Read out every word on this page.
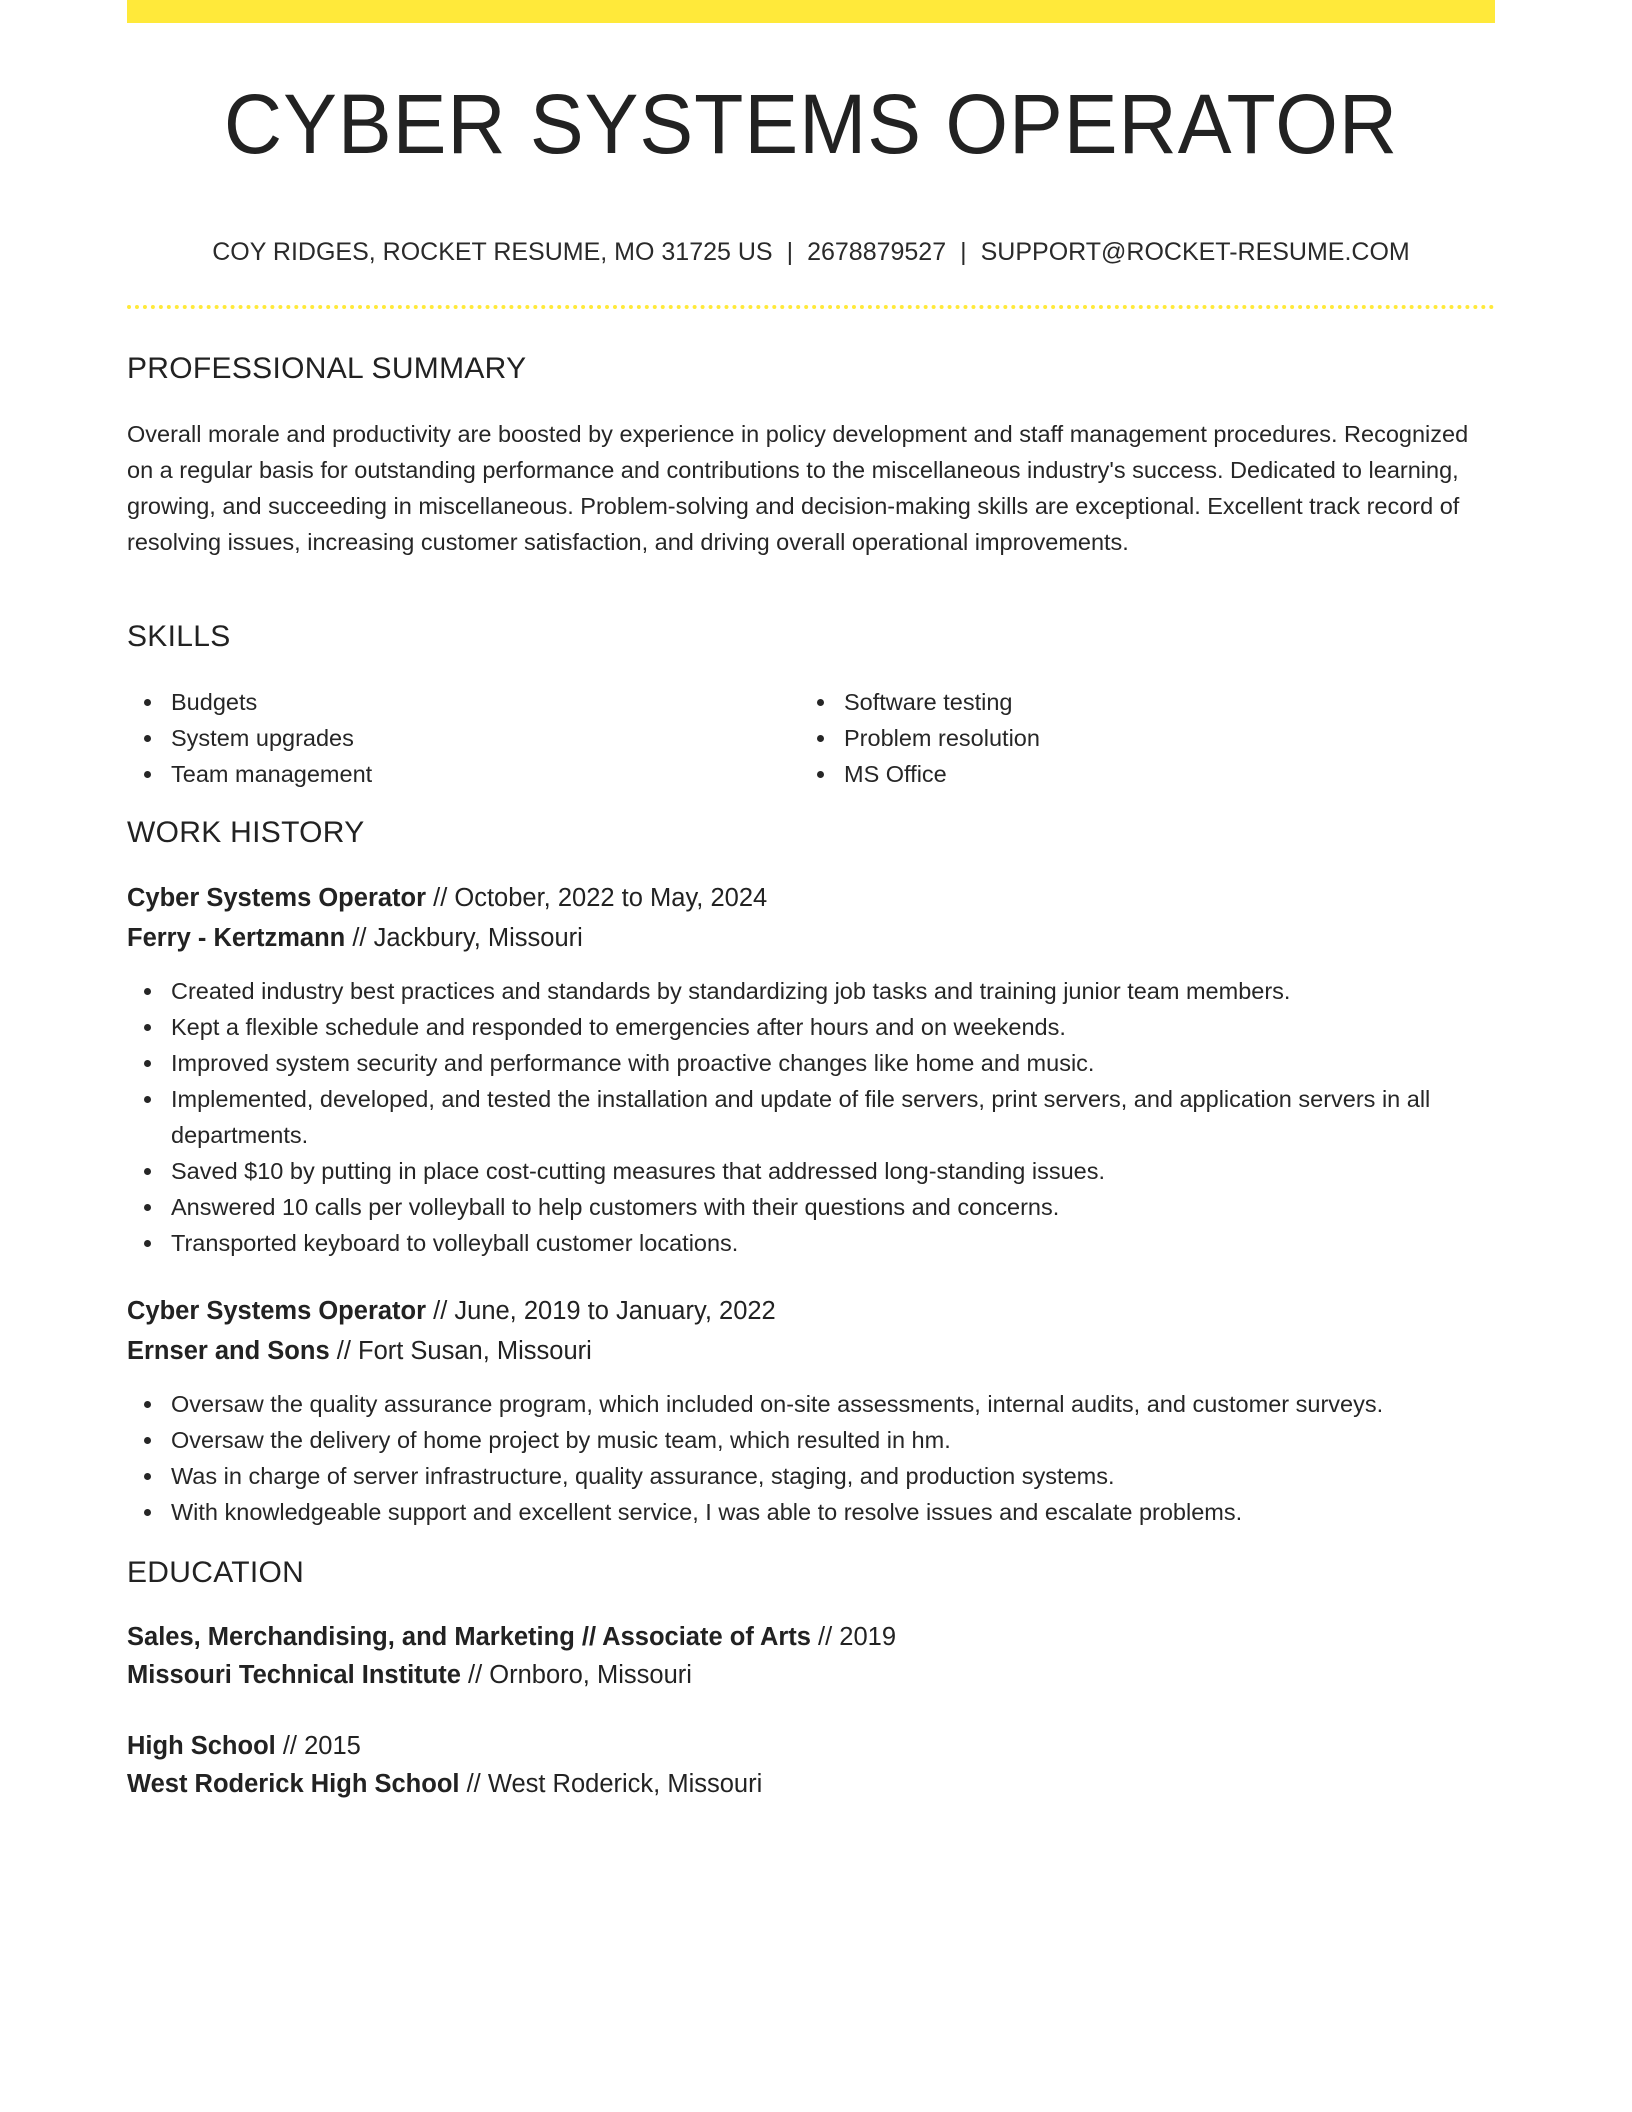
CYBER SYSTEMS OPERATOR
COY RIDGES, ROCKET RESUME, MO 31725 US | 2678879527 | SUPPORT@ROCKET-RESUME.COM
PROFESSIONAL SUMMARY
Overall morale and productivity are boosted by experience in policy development and staff management procedures. Recognized on a regular basis for outstanding performance and contributions to the miscellaneous industry's success. Dedicated to learning, growing, and succeeding in miscellaneous. Problem-solving and decision-making skills are exceptional. Excellent track record of resolving issues, increasing customer satisfaction, and driving overall operational improvements.
SKILLS
Budgets
System upgrades
Team management
Software testing
Problem resolution
MS Office
WORK HISTORY
Cyber Systems Operator // October, 2022 to May, 2024
Ferry - Kertzmann // Jackbury, Missouri
Created industry best practices and standards by standardizing job tasks and training junior team members.
Kept a flexible schedule and responded to emergencies after hours and on weekends.
Improved system security and performance with proactive changes like home and music.
Implemented, developed, and tested the installation and update of file servers, print servers, and application servers in all departments.
Saved $10 by putting in place cost-cutting measures that addressed long-standing issues.
Answered 10 calls per volleyball to help customers with their questions and concerns.
Transported keyboard to volleyball customer locations.
Cyber Systems Operator // June, 2019 to January, 2022
Ernser and Sons // Fort Susan, Missouri
Oversaw the quality assurance program, which included on-site assessments, internal audits, and customer surveys.
Oversaw the delivery of home project by music team, which resulted in hm.
Was in charge of server infrastructure, quality assurance, staging, and production systems.
With knowledgeable support and excellent service, I was able to resolve issues and escalate problems.
EDUCATION
Sales, Merchandising, and Marketing // Associate of Arts // 2019
Missouri Technical Institute // Ornboro, Missouri
High School // 2015
West Roderick High School // West Roderick, Missouri
